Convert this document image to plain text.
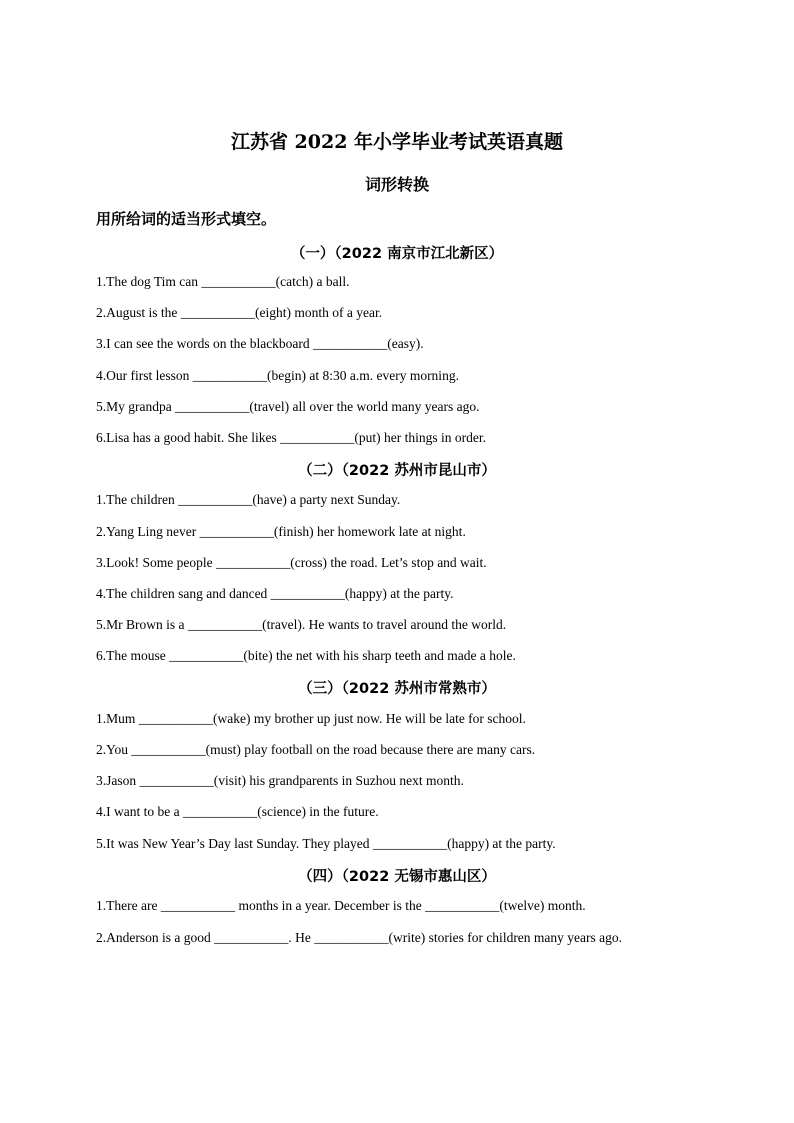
江苏省 2022 年小学毕业考试英语真题
词形转换
用所给词的适当形式填空。
（一）（2022 南京市江北新区）
1.The dog Tim can ___________(catch) a ball.
2.August is the ___________(eight) month of a year.
3.I can see the words on the blackboard ___________(easy).
4.Our first lesson ___________(begin) at 8:30 a.m. every morning.
5.My grandpa ___________(travel) all over the world many years ago.
6.Lisa has a good habit. She likes ___________(put) her things in order.
（二）（2022 苏州市昆山市）
1.The children ___________(have) a party next Sunday.
2.Yang Ling never ___________(finish) her homework late at night.
3.Look! Some people ___________(cross) the road. Let’s stop and wait.
4.The children sang and danced ___________(happy) at the party.
5.Mr Brown is a ___________(travel). He wants to travel around the world.
6.The mouse ___________(bite) the net with his sharp teeth and made a hole.
（三）（2022 苏州市常熟市）
1.Mum ___________(wake) my brother up just now. He will be late for school.
2.You ___________(must) play football on the road because there are many cars.
3.Jason ___________(visit) his grandparents in Suzhou next month.
4.I want to be a ___________(science) in the future.
5.It was New Year’s Day last Sunday. They played ___________(happy) at the party.
（四）（2022 无锡市惠山区）
1.There are ___________ months in a year. December is the ___________(twelve) month.
2.Anderson is a good ___________. He ___________(write) stories for children many years ago.
